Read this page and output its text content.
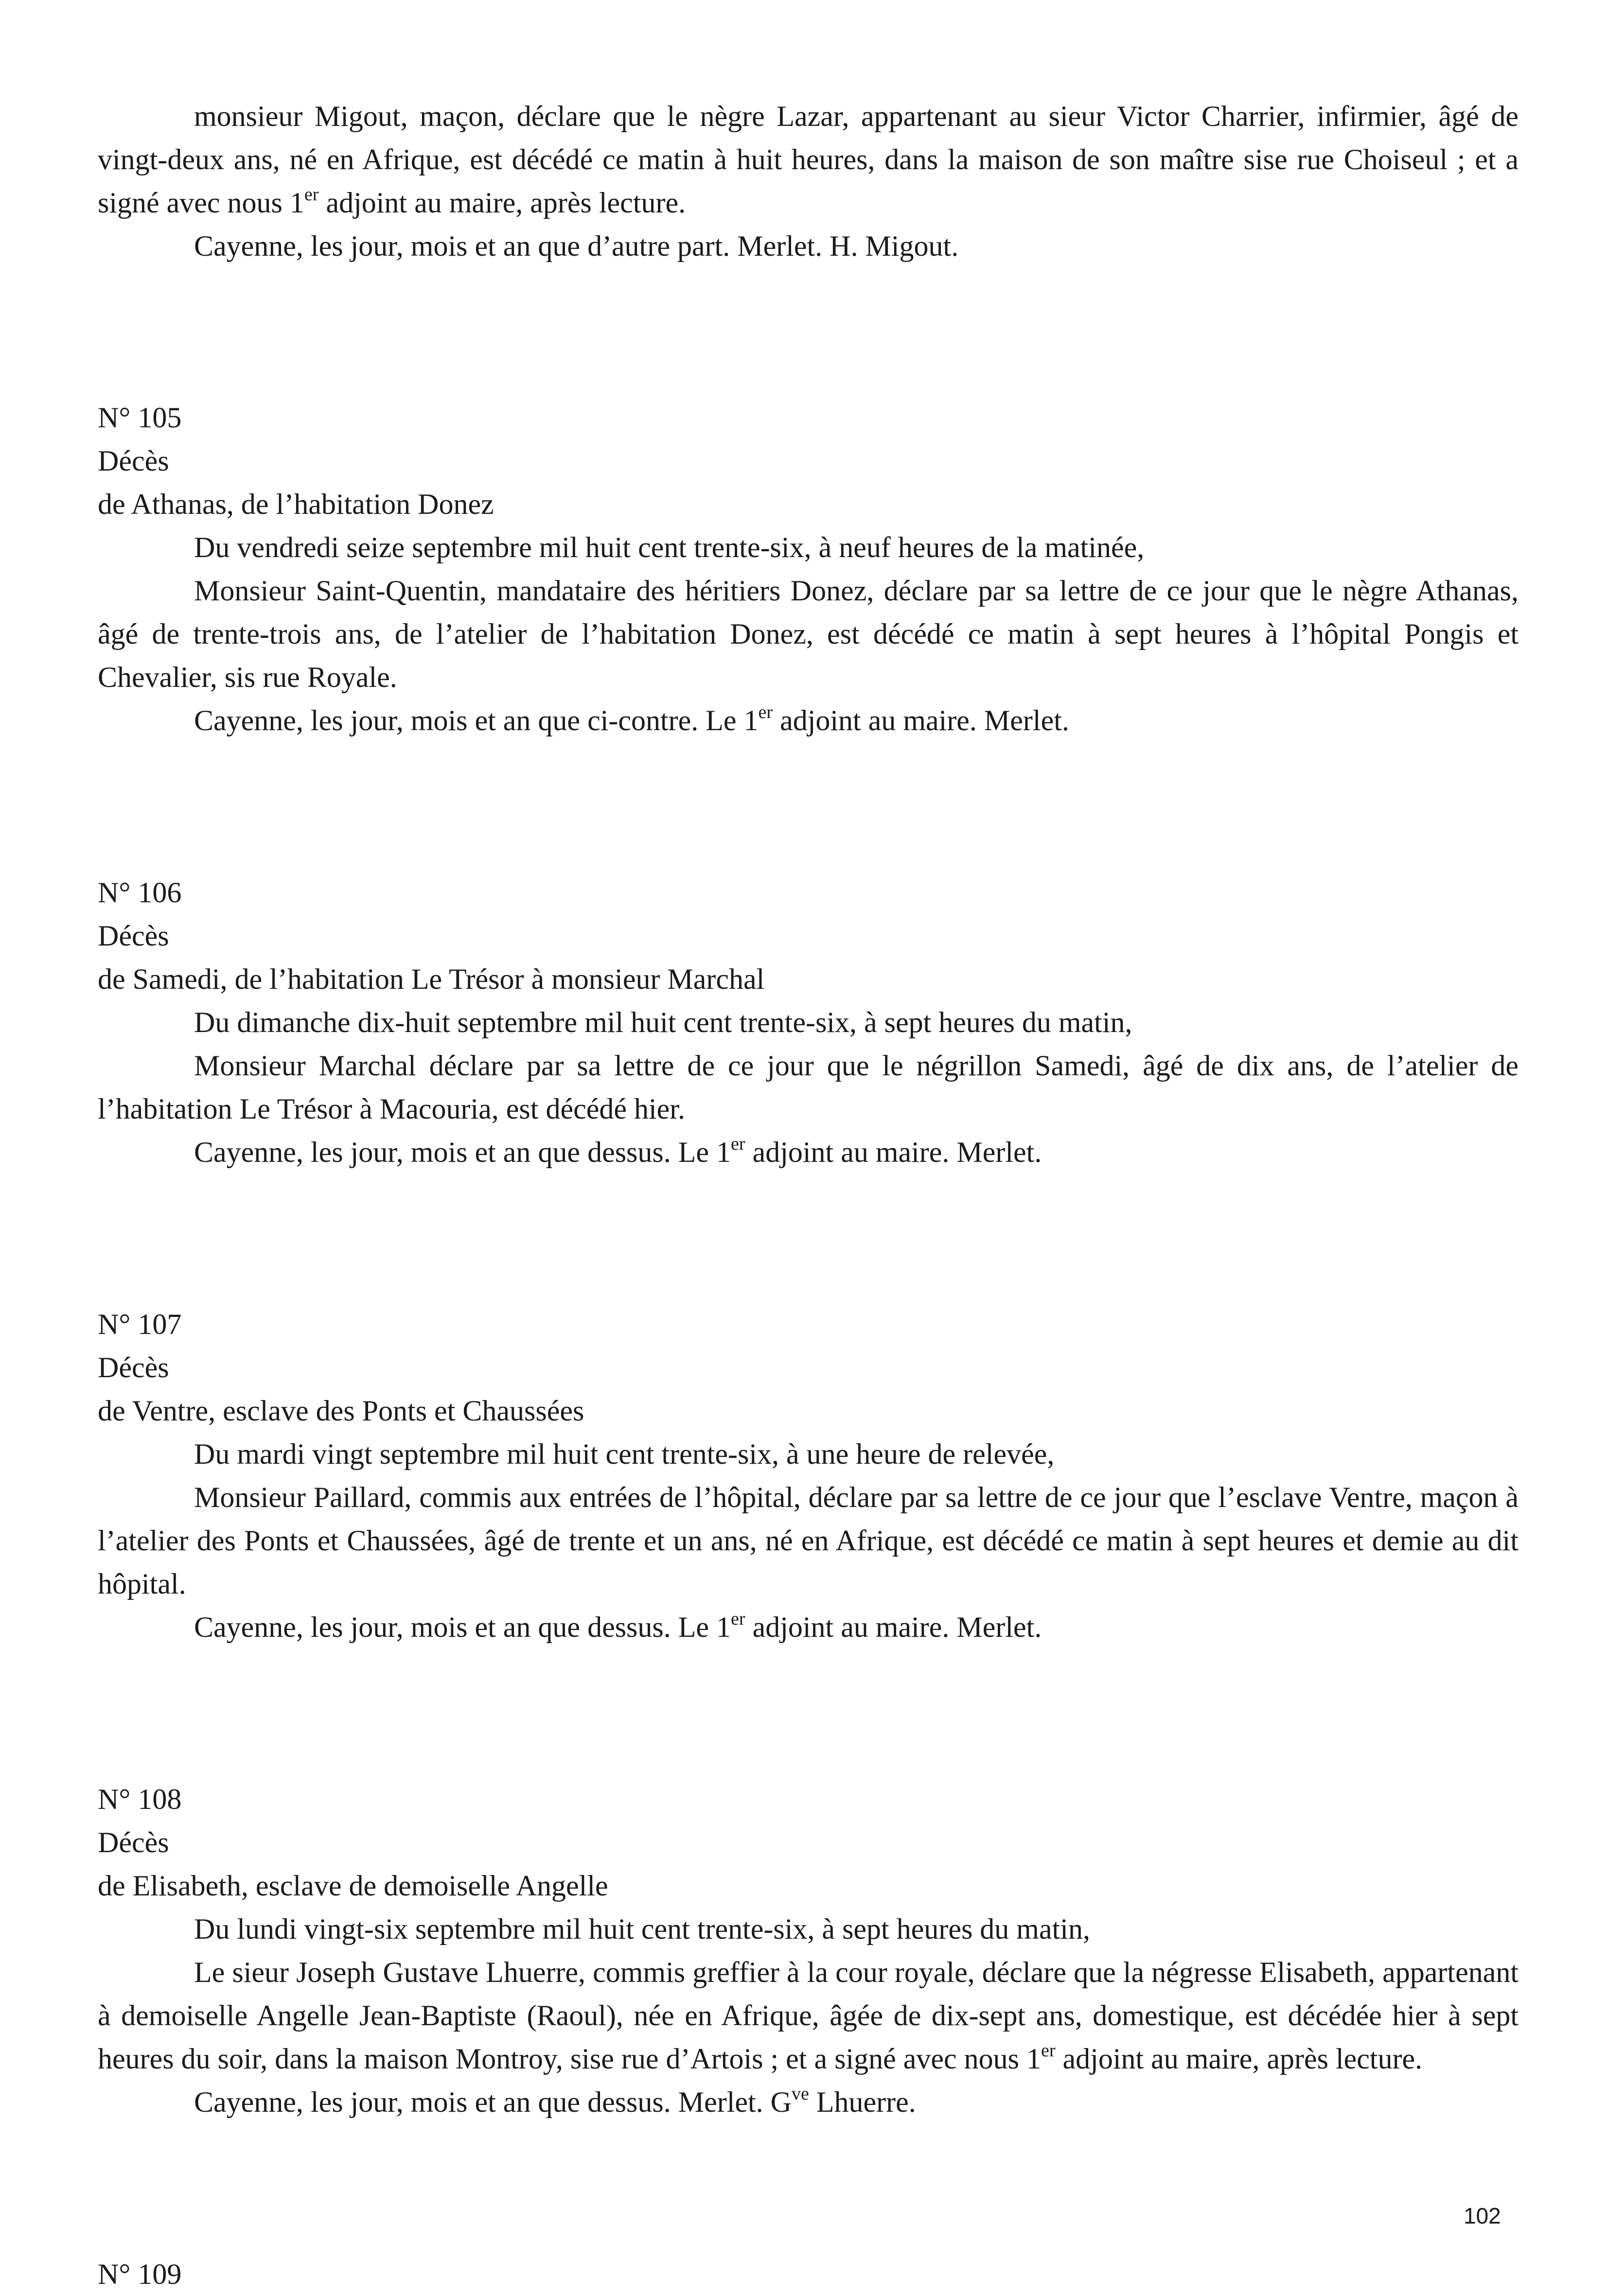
monsieur Migout, maçon, déclare que le nègre Lazar, appartenant au sieur Victor Charrier, infirmier, âgé de vingt-deux ans, né en Afrique, est décédé ce matin à huit heures, dans la maison de son maître sise rue Choiseul ; et a signé avec nous 1er adjoint au maire, après lecture.

Cayenne, les jour, mois et an que d’autre part. Merlet. H. Migout.

N° 105

Décès

de Athanas, de l’habitation Donez

Du vendredi seize septembre mil huit cent trente-six, à neuf heures de la matinée,

Monsieur Saint-Quentin, mandataire des héritiers Donez, déclare par sa lettre de ce jour que le nègre Athanas, âgé de trente-trois ans, de l’atelier de l’habitation Donez, est décédé ce matin à sept heures à l’hôpital Pongis et Chevalier, sis rue Royale.

Cayenne, les jour, mois et an que ci-contre. Le 1er adjoint au maire. Merlet.

N° 106

Décès

de Samedi, de l’habitation Le Trésor à monsieur Marchal

Du dimanche dix-huit septembre mil huit cent trente-six, à sept heures du matin,

Monsieur Marchal déclare par sa lettre de ce jour que le négrillon Samedi, âgé de dix ans, de l’atelier de l’habitation Le Trésor à Macouria, est décédé hier.

Cayenne, les jour, mois et an que dessus. Le 1er adjoint au maire. Merlet.

N° 107

Décès

de Ventre, esclave des Ponts et Chaussées

Du mardi vingt septembre mil huit cent trente-six, à une heure de relevée,

Monsieur Paillard, commis aux entrées de l’hôpital, déclare par sa lettre de ce jour que l’esclave Ventre, maçon à l’atelier des Ponts et Chaussées, âgé de trente et un ans, né en Afrique, est décédé ce matin à sept heures et demie au dit hôpital.

Cayenne, les jour, mois et an que dessus. Le 1er adjoint au maire. Merlet.

N° 108

Décès

de Elisabeth, esclave de demoiselle Angelle

Du lundi vingt-six septembre mil huit cent trente-six, à sept heures du matin,

Le sieur Joseph Gustave Lhuerre, commis greffier à la cour royale, déclare que la négresse Elisabeth, appartenant à demoiselle Angelle Jean-Baptiste (Raoul), née en Afrique, âgée de dix-sept ans, domestique, est décédée hier à sept heures du soir, dans la maison Montroy, sise rue d’Artois ; et a signé avec nous 1er adjoint au maire, après lecture.

Cayenne, les jour, mois et an que dessus. Merlet. $G^{ve}$ Lhuerre.

N° 109

102
